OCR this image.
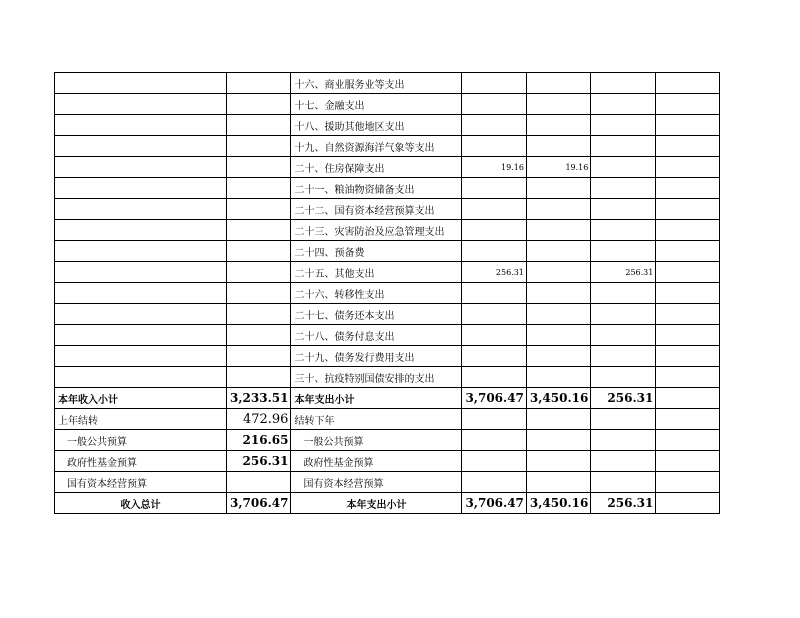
		十六、商业服务业等支出				
		十七、金融支出				
		十八、援助其他地区支出				
		十九、自然资源海洋气象等支出				
		二十、住房保障支出	19.16	19.16		
		二十一、粮油物资储备支出				
		二十二、国有资本经营预算支出				
		二十三、灾害防治及应急管理支出				
		二十四、预备费				
		二十五、其他支出	256.31		256.31	
		二十六、转移性支出				
		二十七、债务还本支出				
		二十八、债务付息支出				
		二十九、债务发行费用支出				
		三十、抗疫特别国债安排的支出				
本年收入小计	3,233.51	本年支出小计	3,706.47	3,450.16	256.31	
上年结转	472.96	结转下年				
一般公共预算	216.65	一般公共预算				
政府性基金预算	256.31	政府性基金预算				
国有资本经营预算		国有资本经营预算				
收入总计	3,706.47	本年支出小计	3,706.47	3,450.16	256.31	
